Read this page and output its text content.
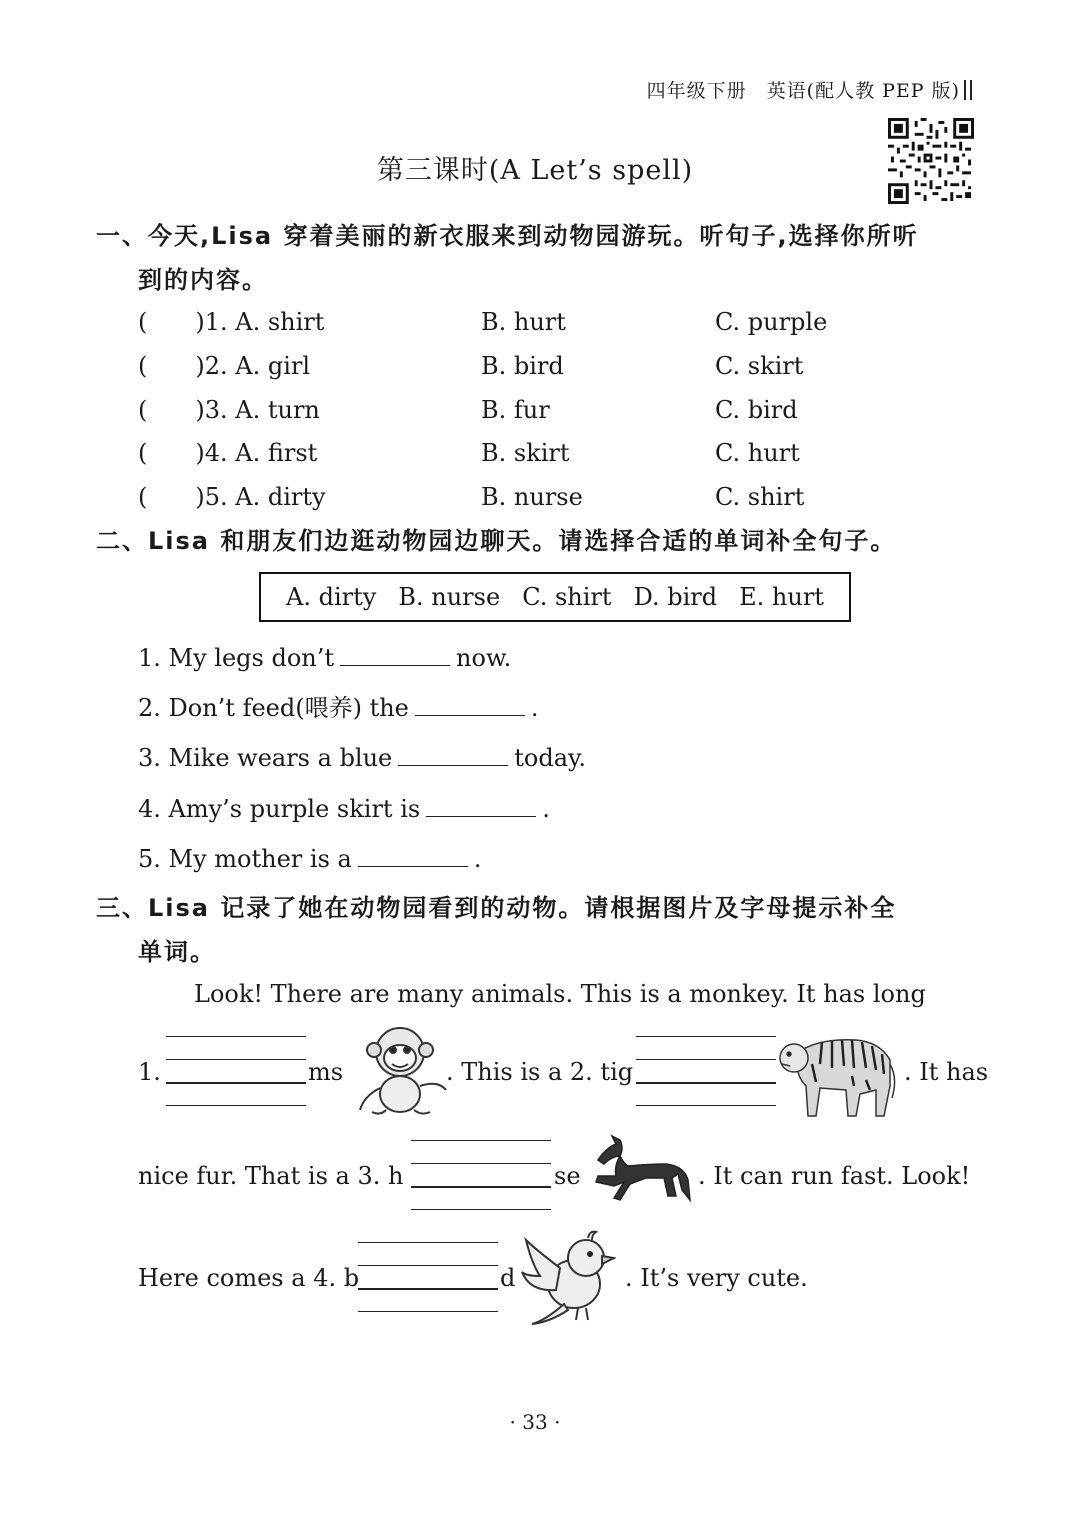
四年级下册　英语(配人教 PEP 版)
第三课时(A Let’s spell)
一、今天,Lisa 穿着美丽的新衣服来到动物园游玩。听句子,选择你所听
到的内容。
(　　)1. A. shirt	B. hurt	C. purple
(　　)2. A. girl	B. bird	C. skirt
(　　)3. A. turn	B. fur	C. bird
(　　)4. A. first	B. skirt	C. hurt
(　　)5. A. dirty	B. nurse	C. shirt
二、Lisa 和朋友们边逛动物园边聊天。请选择合适的单词补全句子。
A. dirty B. nurse C. shirt D. bird E. hurt
1. My legs don’t	now.
2. Don’t feed(喂养) the	.
3. Mike wears a blue	today.
4. Amy’s purple skirt is	.
5. My mother is a	.
三、Lisa 记录了她在动物园看到的动物。请根据图片及字母提示补全
单词。
Look! There are many animals. This is a monkey. It has long
1.	ms	. This is a 2. tig	. It has
nice fur. That is a 3. h	se	. It can run fast. Look!
Here comes a 4. b	d	. It’s very cute.
· 33 ·
